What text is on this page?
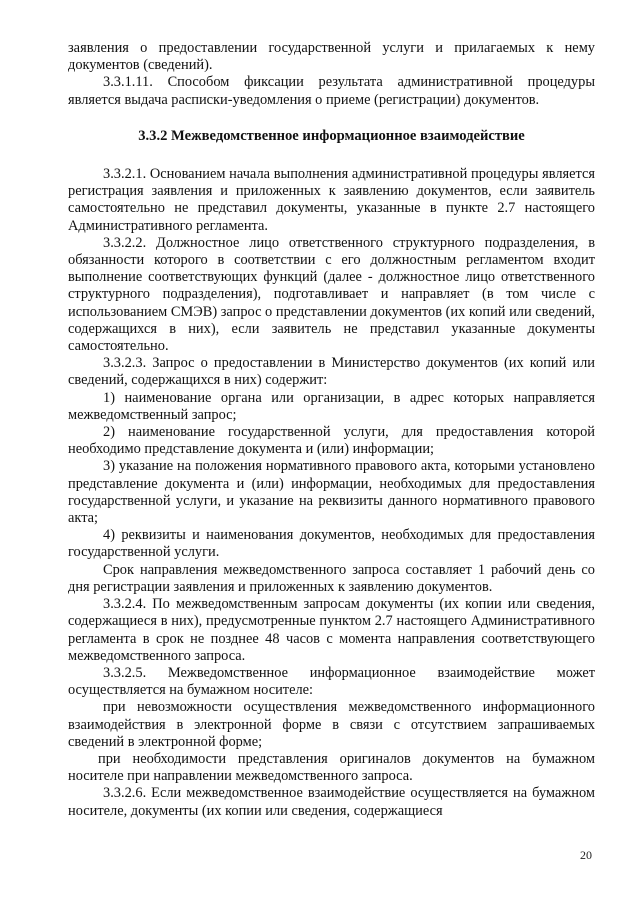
заявления о предоставлении государственной услуги и прилагаемых к нему документов (сведений).

3.3.1.11. Способом фиксации результата административной процедуры является выдача расписки-уведомления о приеме (регистрации) документов.

3.3.2 Межведомственное информационное взаимодействие

3.3.2.1. Основанием начала выполнения административной процедуры является регистрация заявления и приложенных к заявлению документов, если заявитель самостоятельно не представил документы, указанные в пункте 2.7 настоящего Административного регламента.

3.3.2.2. Должностное лицо ответственного структурного подразделения, в обязанности которого в соответствии с его должностным регламентом входит выполнение соответствующих функций (далее - должностное лицо ответственного структурного подразделения), подготавливает и направляет (в том числе с использованием СМЭВ) запрос о представлении документов (их копий или сведений, содержащихся в них), если заявитель не представил указанные документы самостоятельно.

3.3.2.3. Запрос о предоставлении в Министерство документов (их копий или сведений, содержащихся в них) содержит:

1) наименование органа или организации, в адрес которых направляется межведомственный запрос;

2) наименование государственной услуги, для предоставления которой необходимо представление документа и (или) информации;

3) указание на положения нормативного правового акта, которыми установлено представление документа и (или) информации, необходимых для предоставления государственной услуги, и указание на реквизиты данного нормативного правового акта;

4) реквизиты и наименования документов, необходимых для предоставления государственной услуги.

Срок направления межведомственного запроса составляет 1 рабочий день со дня регистрации заявления и приложенных к заявлению документов.

3.3.2.4. По межведомственным запросам документы (их копии или сведения, содержащиеся в них), предусмотренные пунктом 2.7 настоящего Административного регламента в срок не позднее 48 часов с момента направления соответствующего межведомственного запроса.

3.3.2.5. Межведомственное информационное взаимодействие может осуществляется на бумажном носителе:

при невозможности осуществления межведомственного информационного взаимодействия в электронной форме в связи с отсутствием запрашиваемых сведений в электронной форме;

при необходимости представления оригиналов документов на бумажном носителе при направлении межведомственного запроса.

3.3.2.6. Если межведомственное взаимодействие осуществляется на бумажном носителе, документы (их копии или сведения, содержащиеся

20
